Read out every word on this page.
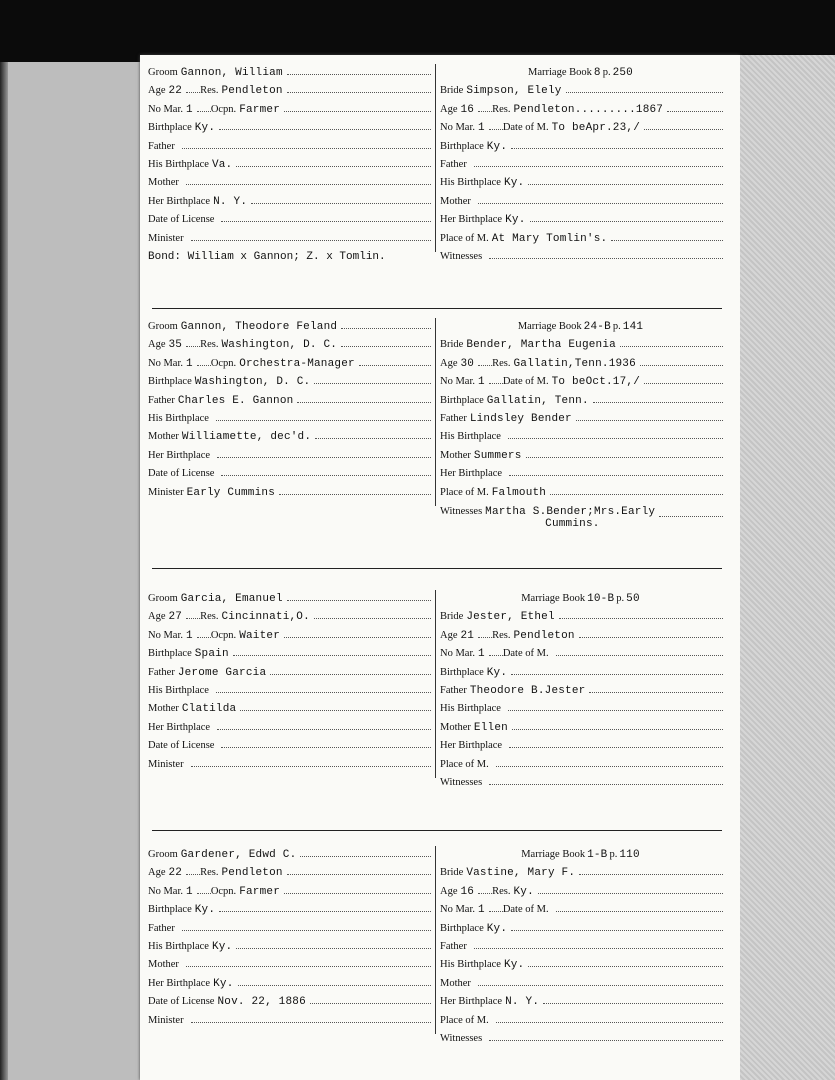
Groom Gannon, William
Age 22 Res. Pendleton
No Mar. 1 Ocpn. Farmer
Birthplace Ky.
Father
His Birthplace Va.
Mother
Her Birthplace N. Y.
Date of License
Minister
Bond: William x Gannon; Z. x Tomlin.
Marriage Book 8 p. 250
Bride Simpson, Elely
Age 16 Res. Pendleton.........1867
No Mar. 1 Date of M. To beApr.23,/
Birthplace Ky.
Father
His Birthplace Ky.
Mother
Her Birthplace Ky.
Place of M. At Mary Tomlin's.
Witnesses
Groom Gannon, Theodore Feland
Age 35 Res. Washington, D. C.
No Mar. 1 Ocpn. Orchestra-Manager
Birthplace Washington, D. C.
Father Charles E. Gannon
His Birthplace
Mother Williamette, dec'd.
Her Birthplace
Date of License
Minister Early Cummins
Marriage Book 24-B p. 141
Bride Bender, Martha Eugenia
Age 30 Res. Gallatin,Tenn.1936
No Mar. 1 Date of M. To beOct.17,/
Birthplace Gallatin, Tenn.
Father Lindsley Bender
His Birthplace
Mother Summers
Her Birthplace
Place of M. Falmouth
Witnesses Martha S.Bender;Mrs.Early
Cummins.
Groom Garcia, Emanuel
Age 27 Res. Cincinnati,O.
No Mar. 1 Ocpn. Waiter
Birthplace Spain
Father Jerome Garcia
His Birthplace
Mother Clatilda
Her Birthplace
Date of License
Minister
Marriage Book 10-B p. 50
Bride Jester, Ethel
Age 21 Res. Pendleton
No Mar. 1 Date of M.
Birthplace Ky.
Father Theodore B.Jester
His Birthplace
Mother Ellen
Her Birthplace
Place of M.
Witnesses
Groom Gardener, Edwd C.
Age 22 Res. Pendleton
No Mar. 1 Ocpn. Farmer
Birthplace Ky.
Father
His Birthplace Ky.
Mother
Her Birthplace Ky.
Date of License Nov. 22, 1886
Minister
Marriage Book 1-B p. 110
Bride Vastine, Mary F.
Age 16 Res. Ky.
No Mar. 1 Date of M.
Birthplace Ky.
Father
His Birthplace Ky.
Mother
Her Birthplace N. Y.
Place of M.
Witnesses
